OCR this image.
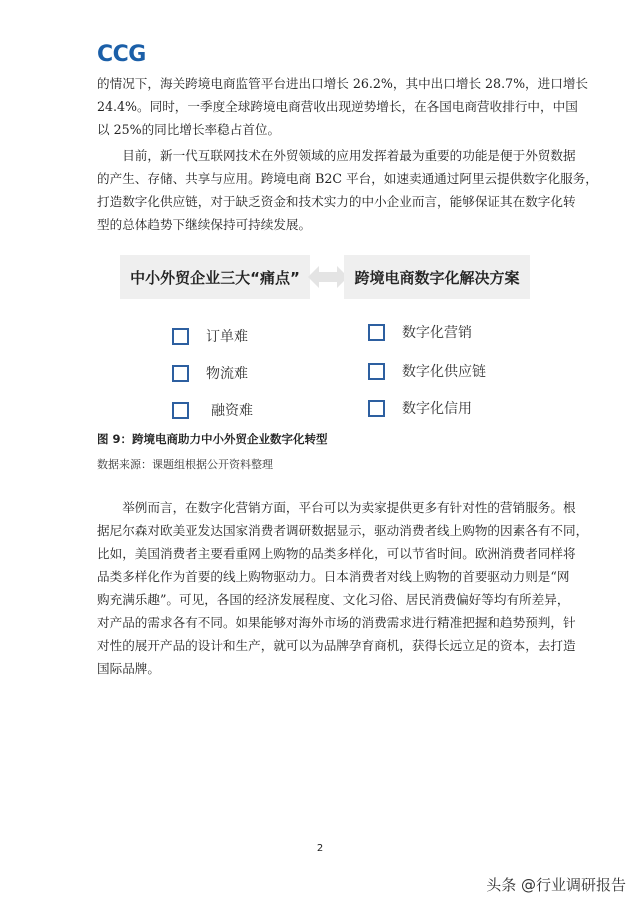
CCG

的情况下，海关跨境电商监管平台进出口增长 26.2%，其中出口增长 28.7%，进口增长
24.4%。同时，一季度全球跨境电商营收出现逆势增长，在各国电商营收排行中，中国
以 25%的同比增长率稳占首位。

目前，新一代互联网技术在外贸领域的应用发挥着最为重要的功能是便于外贸数据
的产生、存储、共享与应用。跨境电商 B2C 平台，如速卖通通过阿里云提供数字化服务，
打造数字化供应链，对于缺乏资金和技术实力的中小企业而言，能够保证其在数字化转
型的总体趋势下继续保持可持续发展。

中小外贸企业三大“痛点”	跨境电商数字化解决方案
订单难
物流难
融资难
数字化营销
数字化供应链
数字化信用
图 9：跨境电商助力中小外贸企业数字化转型
数据来源：课题组根据公开资料整理

举例而言，在数字化营销方面，平台可以为卖家提供更多有针对性的营销服务。根
据尼尔森对欧美亚发达国家消费者调研数据显示，驱动消费者线上购物的因素各有不同，
比如，美国消费者主要看重网上购物的品类多样化，可以节省时间。欧洲消费者同样将
品类多样化作为首要的线上购物驱动力。日本消费者对线上购物的首要驱动力则是“网
购充满乐趣”。可见，各国的经济发展程度、文化习俗、居民消费偏好等均有所差异，
对产品的需求各有不同。如果能够对海外市场的消费需求进行精准把握和趋势预判，针
对性的展开产品的设计和生产，就可以为品牌孕育商机，获得长远立足的资本，去打造
国际品牌。

2
头条 @行业调研报告
